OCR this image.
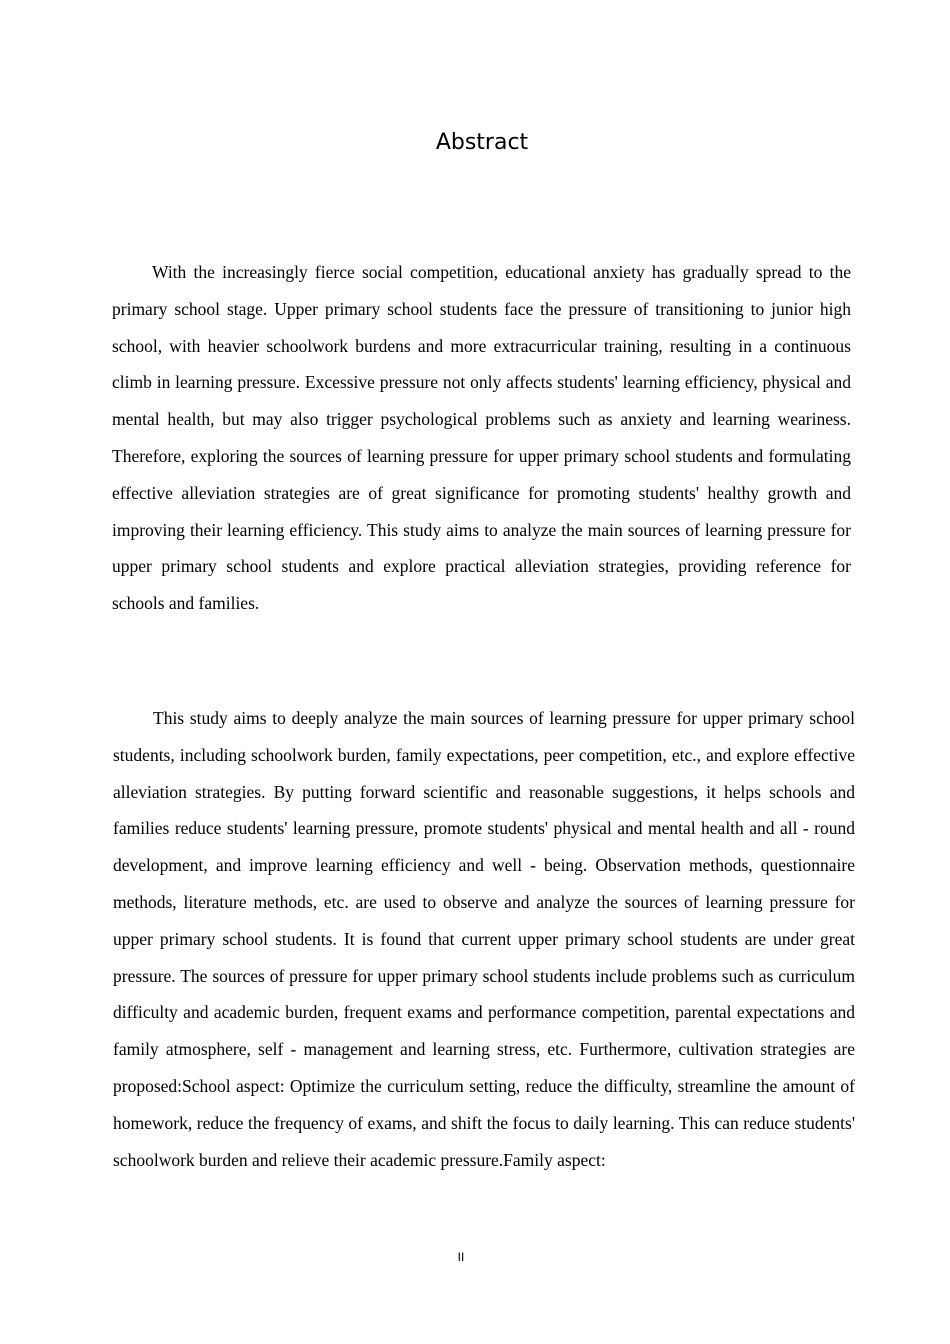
Abstract

With the increasingly fierce social competition, educational anxiety has gradually spread to the primary school stage. Upper primary school students face the pressure of transitioning to junior high school, with heavier schoolwork burdens and more extracurricular training, resulting in a continuous climb in learning pressure. Excessive pressure not only affects students' learning efficiency, physical and mental health, but may also trigger psychological problems such as anxiety and learning weariness. Therefore, exploring the sources of learning pressure for upper primary school students and formulating effective alleviation strategies are of great significance for promoting students' healthy growth and improving their learning efficiency. This study aims to analyze the main sources of learning pressure for upper primary school students and explore practical alleviation strategies, providing reference for schools and families.

This study aims to deeply analyze the main sources of learning pressure for upper primary school students, including schoolwork burden, family expectations, peer competition, etc., and explore effective alleviation strategies. By putting forward scientific and reasonable suggestions, it helps schools and families reduce students' learning pressure, promote students' physical and mental health and all - round development, and improve learning efficiency and well - being. Observation methods, questionnaire methods, literature methods, etc. are used to observe and analyze the sources of learning pressure for upper primary school students. It is found that current upper primary school students are under great pressure. The sources of pressure for upper primary school students include problems such as curriculum difficulty and academic burden, frequent exams and performance competition, parental expectations and family atmosphere, self - management and learning stress, etc. Furthermore, cultivation strategies are proposed:School aspect: Optimize the curriculum setting, reduce the difficulty, streamline the amount of homework, reduce the frequency of exams, and shift the focus to daily learning. This can reduce students' schoolwork burden and relieve their academic pressure.Family aspect:

II
